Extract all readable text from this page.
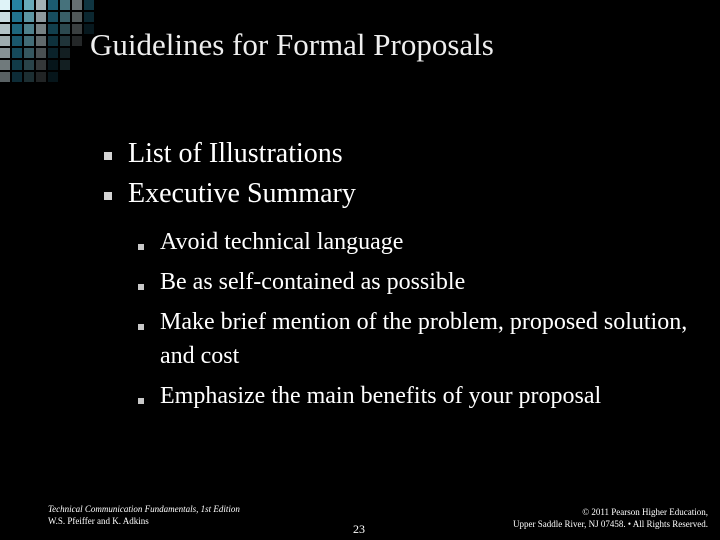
Guidelines for Formal Proposals
List of Illustrations
Executive Summary
Avoid technical language
Be as self-contained as possible
Make brief mention of the problem, proposed solution, and cost
Emphasize the main benefits of your proposal
Technical Communication Fundamentals, 1st Edition
W.S. Pfeiffer and K. Adkins
23
© 2011 Pearson Higher Education,
Upper Saddle River, NJ 07458. • All Rights Reserved.
